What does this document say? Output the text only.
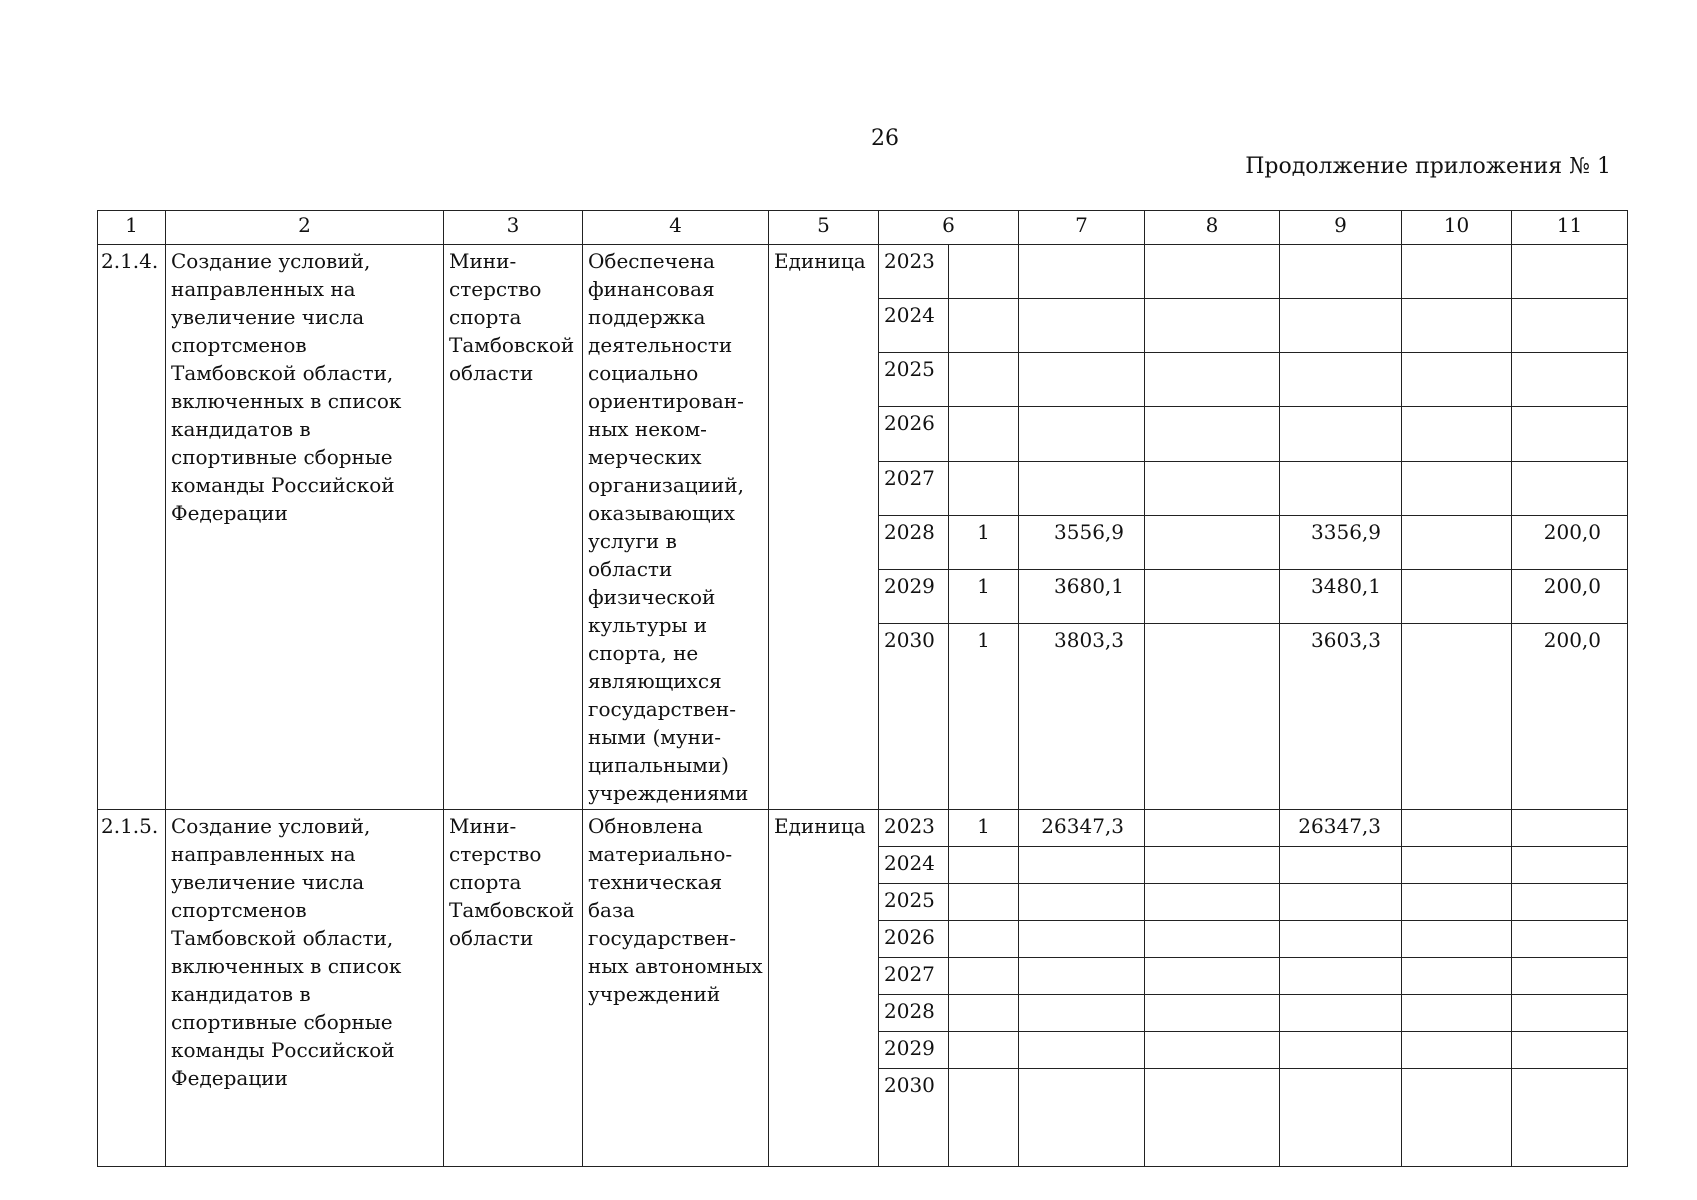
26
Продолжение приложения № 1
1	2	3	4	5	6		7	8	9	10	11
2.1.4.	Создание условий, направленных на увеличение числа спортсменов Тамбовской области, включенных в список кандидатов в спортивные сборные команды Российской Федерации	Мини- стерство спорта Тамбовской области	Обеспечена финансовая поддержка деятельности социально ориентирован- ных неком- мерческих организациий, оказывающих услуги в области физической культуры и спорта, не являющихся государствен- ными (муни- ципальными) учреждениями	Единица	2023						
					2024						
					2025						
					2026						
					2027						
					2028	1	3556,9		3356,9		200,0
					2029	1	3680,1		3480,1		200,0
					2030	1	3803,3		3603,3		200,0
2.1.5.	Создание условий, направленных на увеличение числа спортсменов Тамбовской области, включенных в список кандидатов в спортивные сборные команды Российской Федерации	Мини- стерство спорта Тамбовской области	Обновлена материально- техническая база государствен- ных автономных учреждений	Единица	2023	1	26347,3		26347,3		
					2024						
					2025						
					2026						
					2027						
					2028						
					2029						
					2030						
